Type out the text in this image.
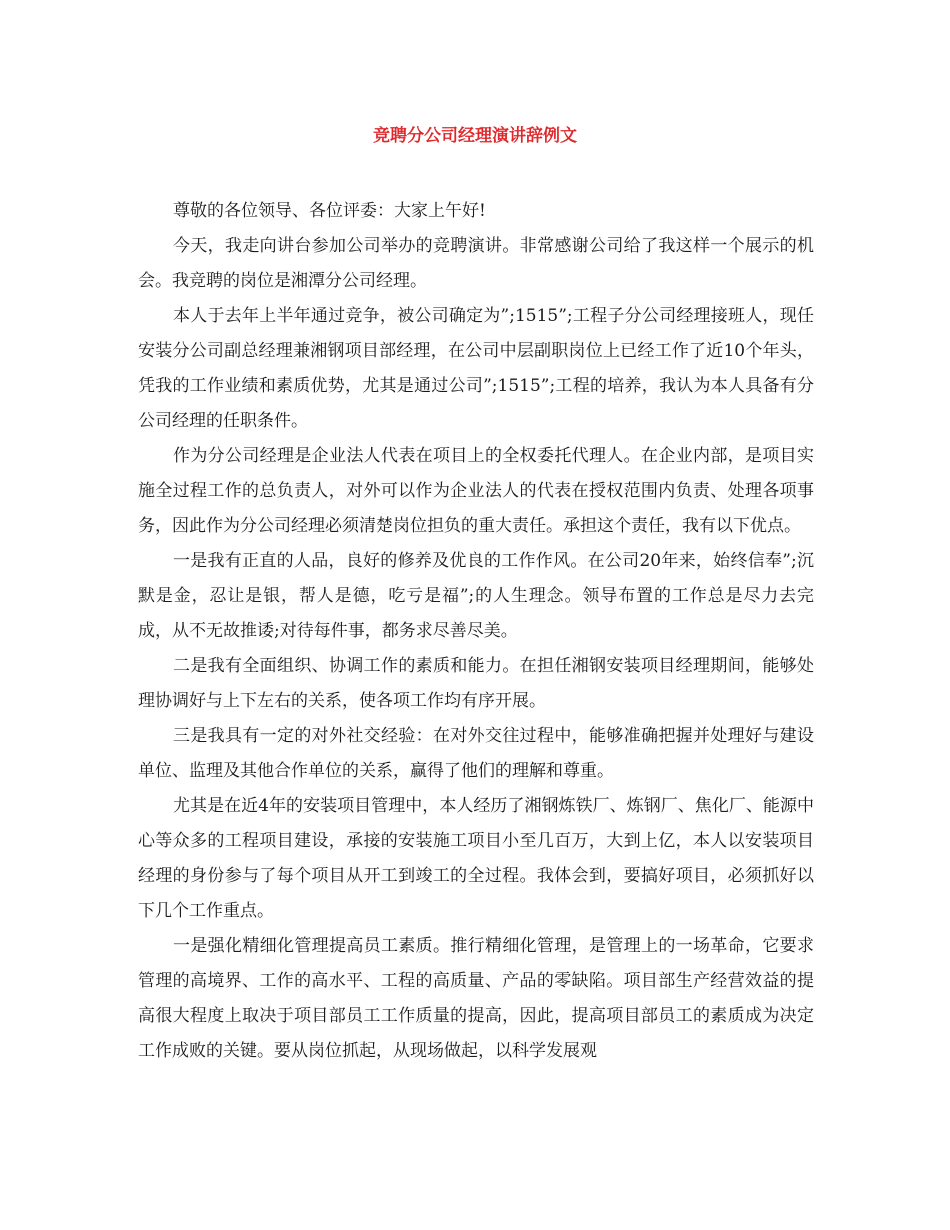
竞聘分公司经理演讲辞例文

尊敬的各位领导、各位评委：大家上午好!

今天，我走向讲台参加公司举办的竞聘演讲。非常感谢公司给了我这样一个展示的机会。我竞聘的岗位是湘潭分公司经理。

本人于去年上半年通过竞争，被公司确定为”;1515”;工程子分公司经理接班人，现任安装分公司副总经理兼湘钢项目部经理，在公司中层副职岗位上已经工作了近10个年头，凭我的工作业绩和素质优势，尤其是通过公司”;1515”;工程的培养，我认为本人具备有分公司经理的任职条件。

作为分公司经理是企业法人代表在项目上的全权委托代理人。在企业内部，是项目实施全过程工作的总负责人，对外可以作为企业法人的代表在授权范围内负责、处理各项事务，因此作为分公司经理必须清楚岗位担负的重大责任。承担这个责任，我有以下优点。

一是我有正直的人品，良好的修养及优良的工作作风。在公司20年来，始终信奉”;沉默是金，忍让是银，帮人是德，吃亏是福”;的人生理念。领导布置的工作总是尽力去完成，从不无故推诿;对待每件事，都务求尽善尽美。

二是我有全面组织、协调工作的素质和能力。在担任湘钢安装项目经理期间，能够处理协调好与上下左右的关系，使各项工作均有序开展。

三是我具有一定的对外社交经验：在对外交往过程中，能够准确把握并处理好与建设单位、监理及其他合作单位的关系，赢得了他们的理解和尊重。

尤其是在近4年的安装项目管理中，本人经历了湘钢炼铁厂、炼钢厂、焦化厂、能源中心等众多的工程项目建设，承接的安装施工项目小至几百万，大到上亿，本人以安装项目经理的身份参与了每个项目从开工到竣工的全过程。我体会到，要搞好项目，必须抓好以下几个工作重点。

一是强化精细化管理提高员工素质。推行精细化管理，是管理上的一场革命，它要求管理的高境界、工作的高水平、工程的高质量、产品的零缺陷。项目部生产经营效益的提高很大程度上取决于项目部员工工作质量的提高，因此，提高项目部员工的素质成为决定工作成败的关键。要从岗位抓起，从现场做起，以科学发展观
